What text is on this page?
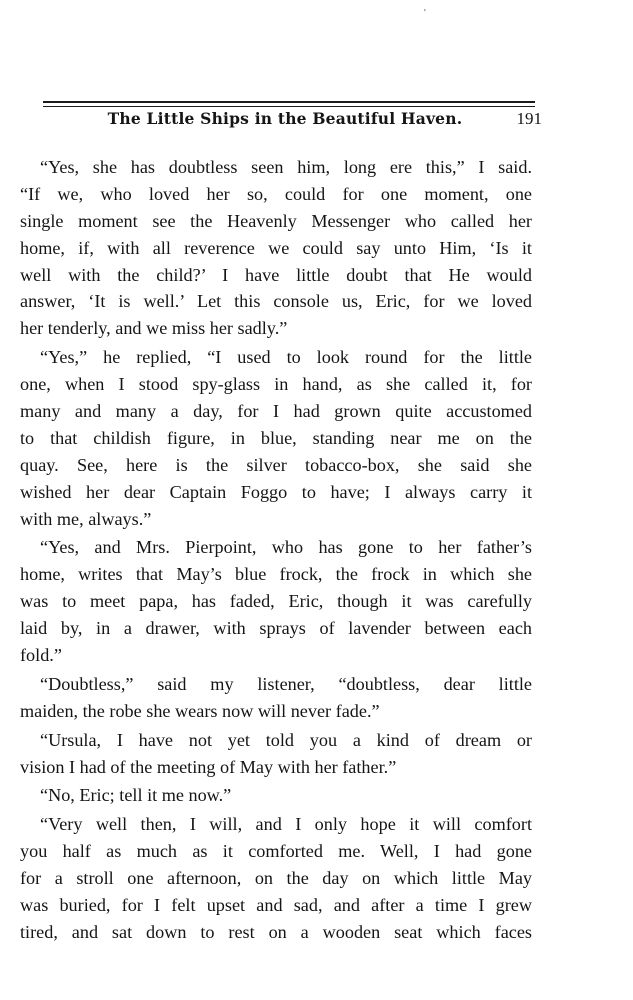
'
The Little Ships in the Beautiful Haven.	191
“Yes, she has doubtless seen him, long ere this,” I said.
“If we, who loved her so, could for one moment, one
single moment see the Heavenly Messenger who called her
home, if, with all reverence we could say unto Him, ‘Is it
well with the child?’ I have little doubt that He would
answer, ‘It is well.’ Let this console us, Eric, for we loved
her tenderly, and we miss her sadly.”
“Yes,” he replied, “I used to look round for the little
one, when I stood spy-glass in hand, as she called it, for
many and many a day, for I had grown quite accustomed
to that childish figure, in blue, standing near me on the
quay. See, here is the silver tobacco-box, she said she
wished her dear Captain Foggo to have; I always carry it
with me, always.”
“Yes, and Mrs. Pierpoint, who has gone to her father’s
home, writes that May’s blue frock, the frock in which she
was to meet papa, has faded, Eric, though it was carefully
laid by, in a drawer, with sprays of lavender between each
fold.”
“Doubtless,” said my listener, “doubtless, dear little
maiden, the robe she wears now will never fade.”
“Ursula, I have not yet told you a kind of dream or
vision I had of the meeting of May with her father.”
“No, Eric; tell it me now.”
“Very well then, I will, and I only hope it will comfort
you half as much as it comforted me. Well, I had gone
for a stroll one afternoon, on the day on which little May
was buried, for I felt upset and sad, and after a time I grew
tired, and sat down to rest on a wooden seat which faces
